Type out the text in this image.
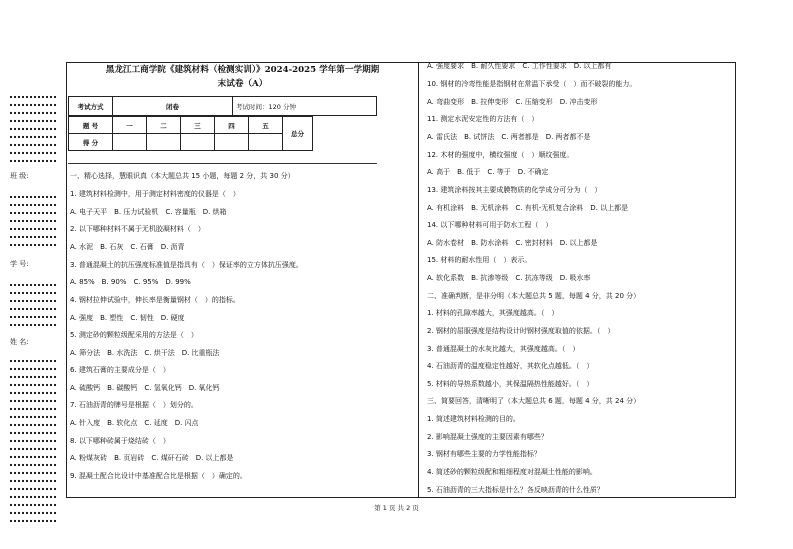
班 级:
学 号:
姓 名:
黑龙江工商学院《建筑材料（检测实训）》2024-2025 学年第一学期期
末试卷（A）
考试方式	闭卷	考试时间：120 分钟
题 号	一	二	三	四	五	总分
得 分						
一、精心选择，慧眼识真（本大题总共 15 小题，每题 2 分，共 30 分）
1. 建筑材料检测中，用于测定材料密度的仪器是（　）
A. 电子天平　B. 压力试验机　C. 容量瓶　D. 烘箱
2. 以下哪种材料不属于无机胶凝材料（　）
A. 水泥　B. 石灰　C. 石膏　D. 沥青
3. 普通混凝土的抗压强度标准值是指具有（　）保证率的立方体抗压强度。
A. 85%　B. 90%　C. 95%　D. 99%
4. 钢材拉伸试验中，伸长率是衡量钢材（　）的指标。
A. 强度　B. 塑性　C. 韧性　D. 硬度
5. 测定砂的颗粒级配采用的方法是（　）
A. 筛分法　B. 水洗法　C. 烘干法　D. 比重瓶法
6. 建筑石膏的主要成分是（　）
A. 硫酸钙　B. 碳酸钙　C. 氢氧化钙　D. 氧化钙
7. 石油沥青的牌号是根据（　）划分的。
A. 针入度　B. 软化点　C. 延度　D. 闪点
8. 以下哪种砖属于烧结砖（　）
A. 粉煤灰砖　B. 页岩砖　C. 煤矸石砖　D. 以上都是
9. 混凝土配合比设计中基准配合比是根据（　）确定的。
A. 强度要求　B. 耐久性要求　C. 工作性要求　D. 以上都有
10. 钢材的冷弯性能是指钢材在常温下承受（　）而不破裂的能力。
A. 弯曲变形　B. 拉伸变形　C. 压缩变形　D. 冲击变形
11. 测定水泥安定性的方法有（　）
A. 雷氏法　B. 试饼法　C. 两者都是　D. 两者都不是
12. 木材的强度中，横纹强度（　）顺纹强度。
A. 高于　B. 低于　C. 等于　D. 不确定
13. 建筑涂料按其主要成膜物质的化学成分可分为（　）
A. 有机涂料　B. 无机涂料　C. 有机-无机复合涂料　D. 以上都是
14. 以下哪种材料可用于防水工程（　）
A. 防水卷材　B. 防水涂料　C. 密封材料　D. 以上都是
15. 材料的耐水性用（　）表示。
A. 软化系数　B. 抗渗等级　C. 抗冻等级　D. 吸水率
二、准确判断，是非分明（本大题总共 5 题，每题 4 分，共 20 分）
1. 材料的孔隙率越大，其强度越高。（　）
2. 钢材的屈服强度是结构设计时钢材强度取值的依据。（　）
3. 普通混凝土的水灰比越大，其强度越高。（　）
4. 石油沥青的温度稳定性越好，其软化点越低。（　）
5. 材料的导热系数越小，其保温隔热性能越好。（　）
三、简要回答，清晰明了（本大题总共 6 题，每题 4 分，共 24 分）
1. 简述建筑材料检测的目的。
2. 影响混凝土强度的主要因素有哪些？
3. 钢材有哪些主要的力学性能指标？
4. 简述砂的颗粒级配和粗细程度对混凝土性能的影响。
5. 石油沥青的三大指标是什么？各反映沥青的什么性质？
第 1 页 共 2 页
